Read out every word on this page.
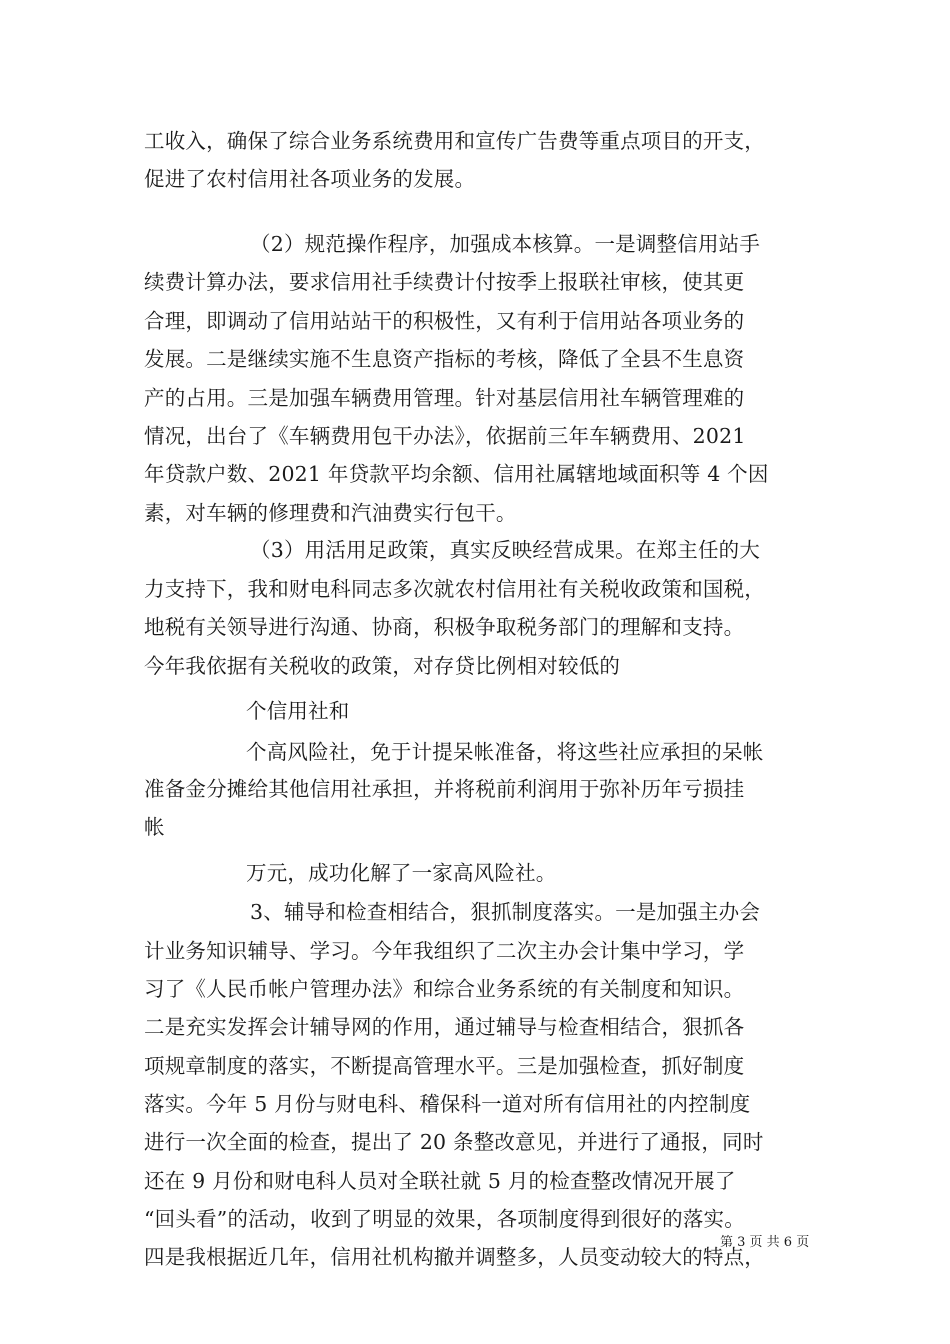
工收入，确保了综合业务系统费用和宣传广告费等重点项目的开支，
促进了农村信用社各项业务的发展。
（2）规范操作程序，加强成本核算。一是调整信用站手
续费计算办法，要求信用社手续费计付按季上报联社审核，使其更
合理，即调动了信用站站干的积极性，又有利于信用站各项业务的
发展。二是继续实施不生息资产指标的考核，降低了全县不生息资
产的占用。三是加强车辆费用管理。针对基层信用社车辆管理难的
情况，出台了《车辆费用包干办法》，依据前三年车辆费用、2021
年贷款户数、2021 年贷款平均余额、信用社属辖地域面积等 4 个因
素，对车辆的修理费和汽油费实行包干。
（3）用活用足政策，真实反映经营成果。在郑主任的大
力支持下，我和财电科同志多次就农村信用社有关税收政策和国税，
地税有关领导进行沟通、协商，积极争取税务部门的理解和支持。
今年我依据有关税收的政策，对存贷比例相对较低的
个信用社和
个高风险社，免于计提呆帐准备，将这些社应承担的呆帐
准备金分摊给其他信用社承担，并将税前利润用于弥补历年亏损挂
帐
万元，成功化解了一家高风险社。
3、辅导和检查相结合，狠抓制度落实。一是加强主办会
计业务知识辅导、学习。今年我组织了二次主办会计集中学习，学
习了《人民币帐户管理办法》和综合业务系统的有关制度和知识。
二是充实发挥会计辅导网的作用，通过辅导与检查相结合，狠抓各
项规章制度的落实，不断提高管理水平。三是加强检查，抓好制度
落实。今年 5 月份与财电科、稽保科一道对所有信用社的内控制度
进行一次全面的检查，提出了 20 条整改意见，并进行了通报，同时
还在 9 月份和财电科人员对全联社就 5 月的检查整改情况开展了
“回头看”的活动，收到了明显的效果，各项制度得到很好的落实。
四是我根据近几年，信用社机构撤并调整多，人员变动较大的特点，
第 3 页 共 6 页
